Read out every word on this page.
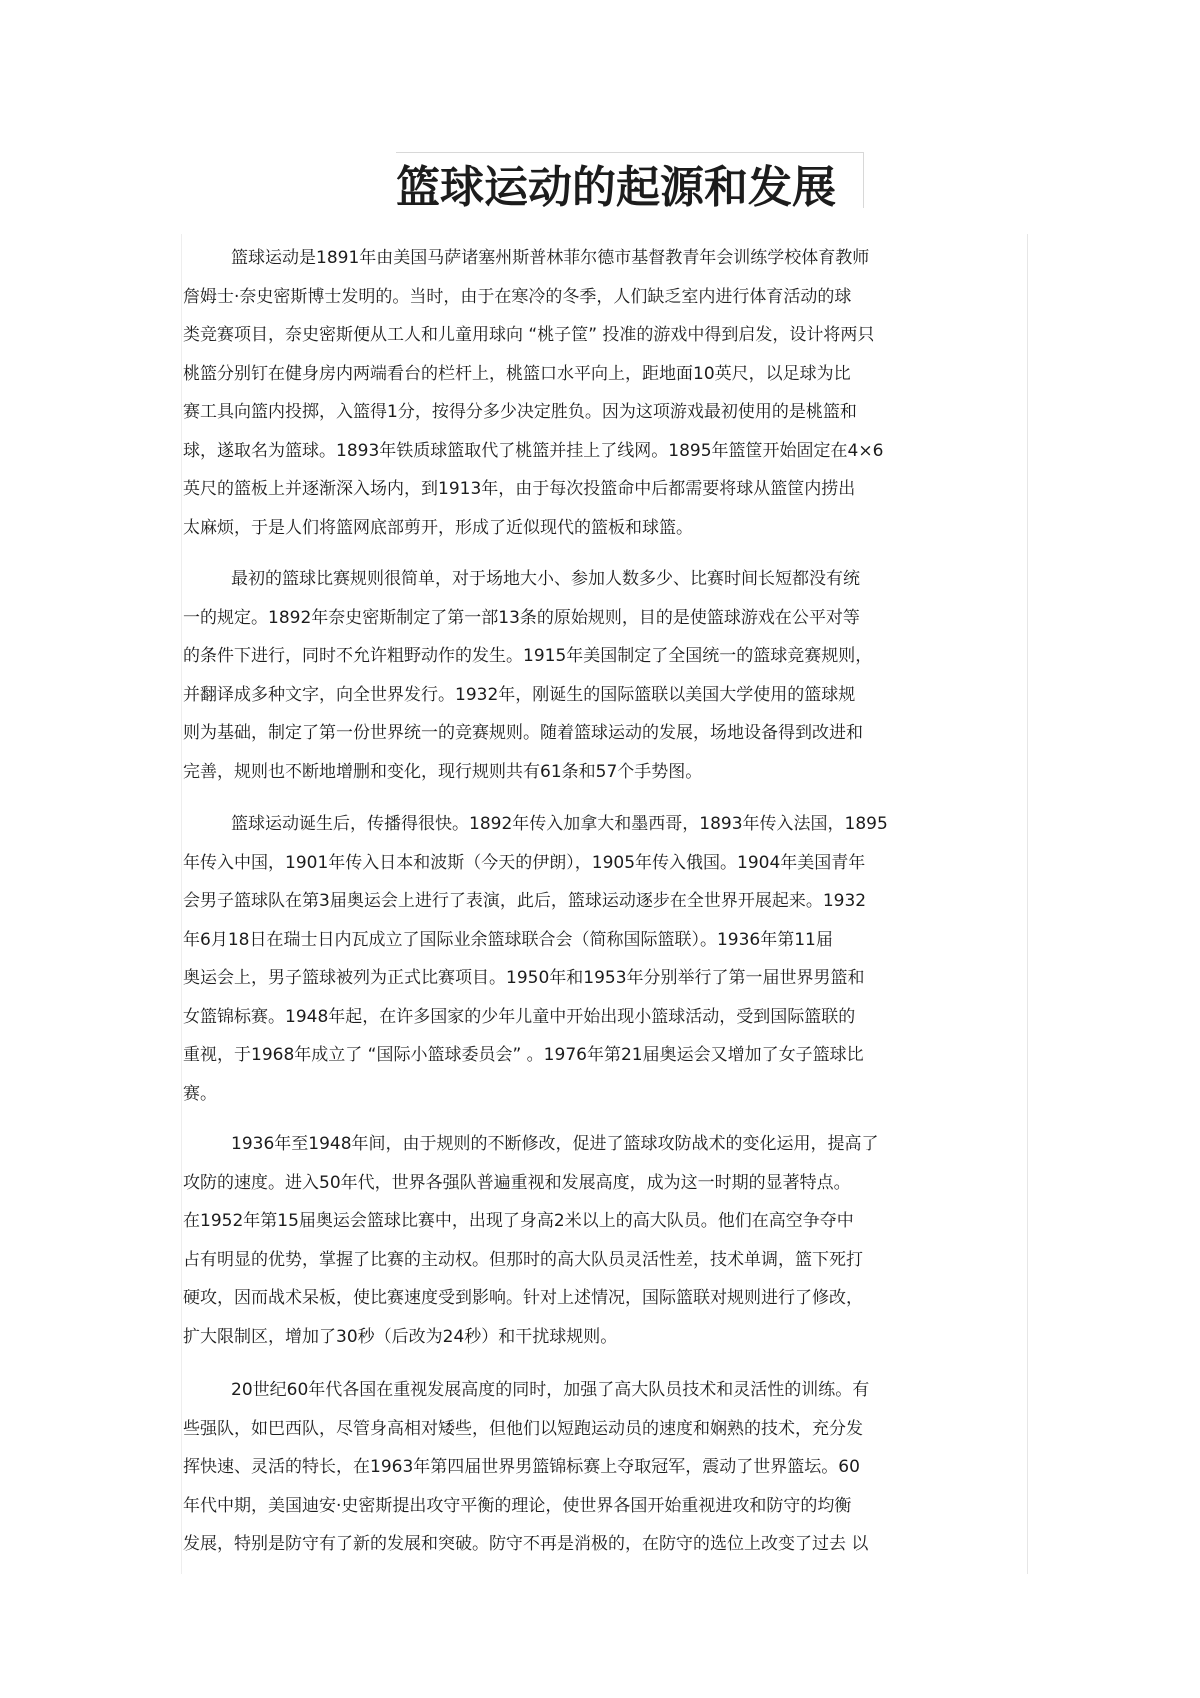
篮球运动的起源和发展
篮球运动是1891年由美国马萨诸塞州斯普林菲尔德市基督教青年会训练学校体育教师
詹姆士·奈史密斯博士发明的。当时，由于在寒冷的冬季，人们缺乏室内进行体育活动的球
类竞赛项目，奈史密斯便从工人和儿童用球向 “桃子筐” 投准的游戏中得到启发，设计将两只
桃篮分别钉在健身房内两端看台的栏杆上，桃篮口水平向上，距地面10英尺，以足球为比
赛工具向篮内投掷，入篮得1分，按得分多少决定胜负。因为这项游戏最初使用的是桃篮和
球，遂取名为篮球。1893年铁质球篮取代了桃篮并挂上了线网。1895年篮筐开始固定在4×6
英尺的篮板上并逐渐深入场内，到1913年，由于每次投篮命中后都需要将球从篮筐内捞出
太麻烦，于是人们将篮网底部剪开，形成了近似现代的篮板和球篮。
最初的篮球比赛规则很简单，对于场地大小、参加人数多少、比赛时间长短都没有统
一的规定。1892年奈史密斯制定了第一部13条的原始规则，目的是使篮球游戏在公平对等
的条件下进行，同时不允许粗野动作的发生。1915年美国制定了全国统一的篮球竞赛规则，
并翻译成多种文字，向全世界发行。1932年，刚诞生的国际篮联以美国大学使用的篮球规
则为基础，制定了第一份世界统一的竞赛规则。随着篮球运动的发展，场地设备得到改进和
完善，规则也不断地增删和变化，现行规则共有61条和57个手势图。
篮球运动诞生后，传播得很快。1892年传入加拿大和墨西哥，1893年传入法国，1895
年传入中国，1901年传入日本和波斯（今天的伊朗），1905年传入俄国。1904年美国青年
会男子篮球队在第3届奥运会上进行了表演，此后，篮球运动逐步在全世界开展起来。1932
年6月18日在瑞士日内瓦成立了国际业余篮球联合会（简称国际篮联）。1936年第11届
奥运会上，男子篮球被列为正式比赛项目。1950年和1953年分别举行了第一届世界男篮和
女篮锦标赛。1948年起，在许多国家的少年儿童中开始出现小篮球活动，受到国际篮联的
重视，于1968年成立了 “国际小篮球委员会” 。1976年第21届奥运会又增加了女子篮球比
赛。
1936年至1948年间，由于规则的不断修改，促进了篮球攻防战术的变化运用，提高了
攻防的速度。进入50年代，世界各强队普遍重视和发展高度，成为这一时期的显著特点。
在1952年第15届奥运会篮球比赛中，出现了身高2米以上的高大队员。他们在高空争夺中
占有明显的优势，掌握了比赛的主动权。但那时的高大队员灵活性差，技术单调，篮下死打
硬攻，因而战术呆板，使比赛速度受到影响。针对上述情况，国际篮联对规则进行了修改，
扩大限制区，增加了30秒（后改为24秒）和干扰球规则。
20世纪60年代各国在重视发展高度的同时，加强了高大队员技术和灵活性的训练。有
些强队，如巴西队，尽管身高相对矮些，但他们以短跑运动员的速度和娴熟的技术，充分发
挥快速、灵活的特长，在1963年第四届世界男篮锦标赛上夺取冠军，震动了世界篮坛。60
年代中期，美国迪安·史密斯提出攻守平衡的理论，使世界各国开始重视进攻和防守的均衡
发展，特别是防守有了新的发展和突破。防守不再是消极的，在防守的选位上改变了过去 以
